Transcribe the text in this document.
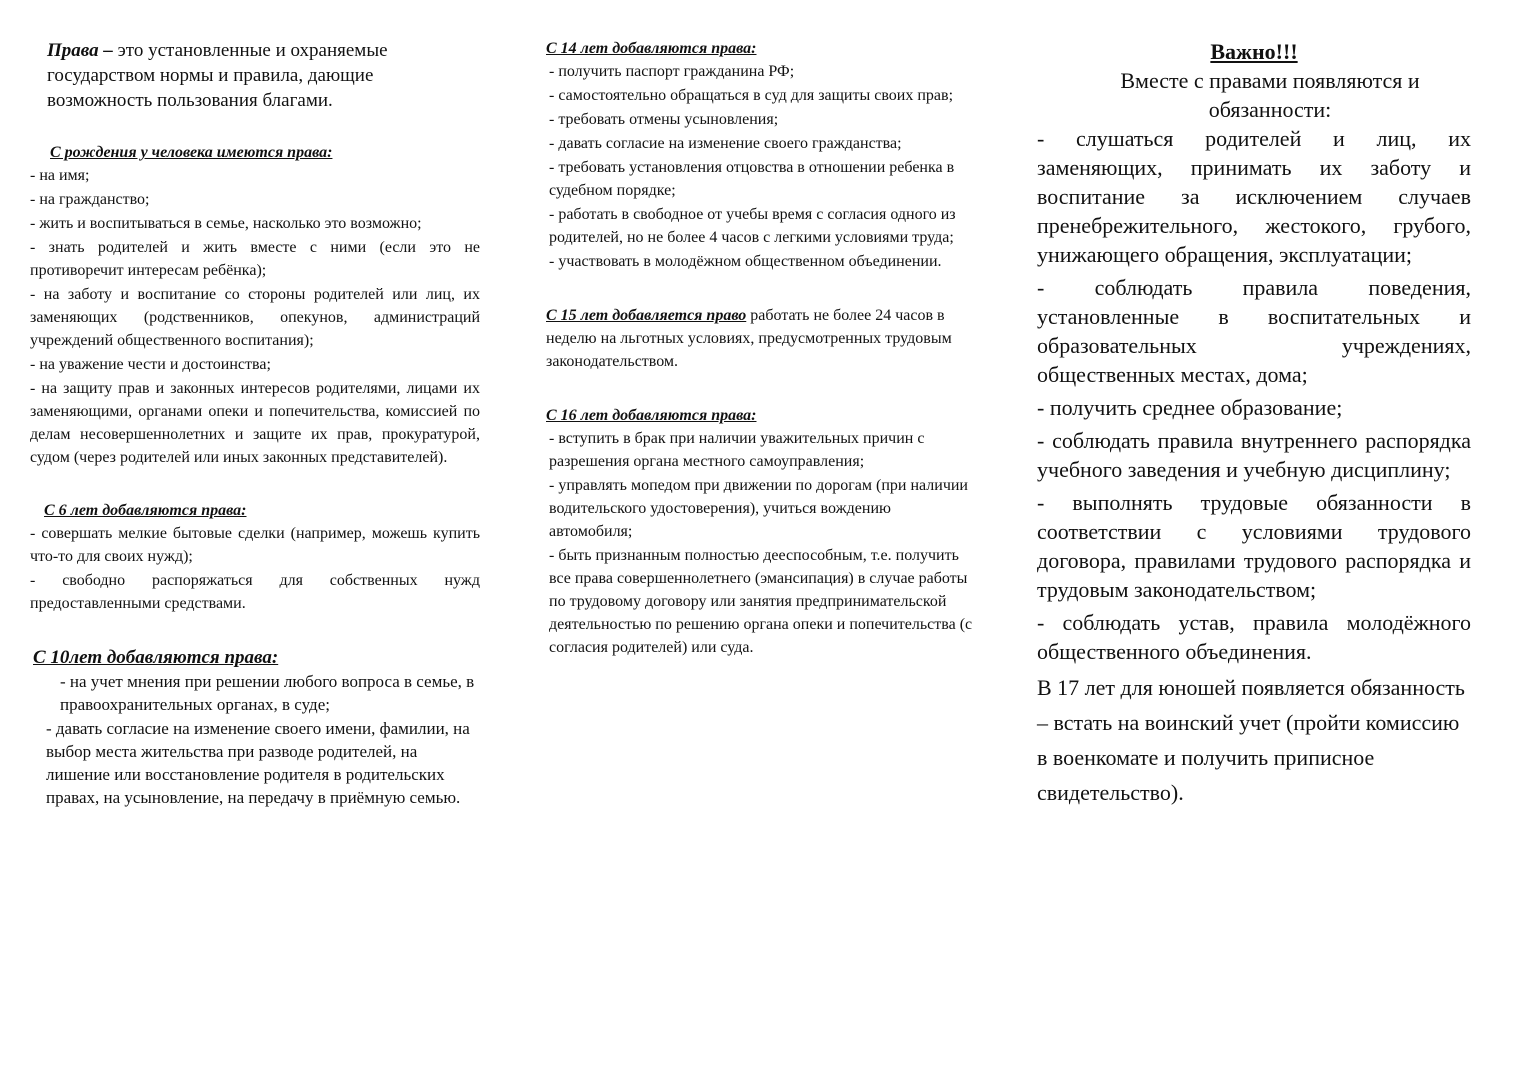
Права – это установленные и охраняемые государством нормы и правила, дающие возможность пользования благами.

С рождения у человека имеются права:

- на имя;

- на гражданство;

- жить и воспитываться в семье, насколько это возможно;

- знать родителей и жить вместе с ними (если это не противоречит интересам ребёнка);

- на заботу и воспитание со стороны родителей или лиц, их заменяющих (родственников, опекунов, администраций учреждений общественного воспитания);

- на уважение чести и достоинства;

- на защиту прав и законных интересов родителями, лицами их заменяющими, органами опеки и попечительства, комиссией по делам несовершеннолетних и защите их прав, прокуратурой, судом (через родителей или иных законных представителей).

С 6 лет добавляются права:

- совершать мелкие бытовые сделки (например, можешь купить что-то для своих нужд);

- свободно распоряжаться для собственных нужд предоставленными средствами.

С 10лет добавляются права:

- на учет мнения при решении любого вопроса в семье, в правоохранительных органах, в суде;

- давать согласие на изменение своего имени, фамилии, на выбор места жительства при разводе родителей, на лишение или восстановление родителя в родительских правах, на усыновление, на передачу в приёмную семью.

С 14 лет добавляются права:

- получить паспорт гражданина РФ;

- самостоятельно обращаться в суд для защиты своих прав;

- требовать отмены усыновления;

- давать согласие на изменение своего гражданства;

- требовать установления отцовства в отношении ребенка в судебном порядке;

- работать в свободное от учебы время с согласия одного из родителей, но не более 4 часов с легкими условиями труда;

- участвовать в молодёжном общественном объединении.

С 15 лет добавляется право работать не более 24 часов в неделю на льготных условиях, предусмотренных трудовым законодательством.

С 16 лет добавляются права:

- вступить в брак при наличии уважительных причин с разрешения органа местного самоуправления;

- управлять мопедом при движении по дорогам (при наличии водительского удостоверения), учиться вождению автомобиля;

- быть признанным полностью дееспособным, т.е. получить все права совершеннолетнего (эмансипация) в случае работы по трудовому договору или занятия предпринимательской деятельностью по решению органа опеки и попечительства (с согласия родителей) или суда.

Важно!!!

Вместе с правами появляются и обязанности:

- слушаться родителей и лиц, их заменяющих, принимать их заботу и воспитание за исключением случаев пренебрежительного, жестокого, грубого, унижающего обращения, эксплуатации;

- соблюдать правила поведения, установленные в воспитательных и образовательных учреждениях, общественных местах, дома;

- получить среднее образование;

- соблюдать правила внутреннего распорядка учебного заведения и учебную дисциплину;

- выполнять трудовые обязанности в соответствии с условиями трудового договора, правилами трудового распорядка и трудовым законодательством;

- соблюдать устав, правила молодёжного общественного объединения.

В 17 лет для юношей появляется обязанность – встать на воинский учет (пройти комиссию в военкомате и получить приписное свидетельство).
